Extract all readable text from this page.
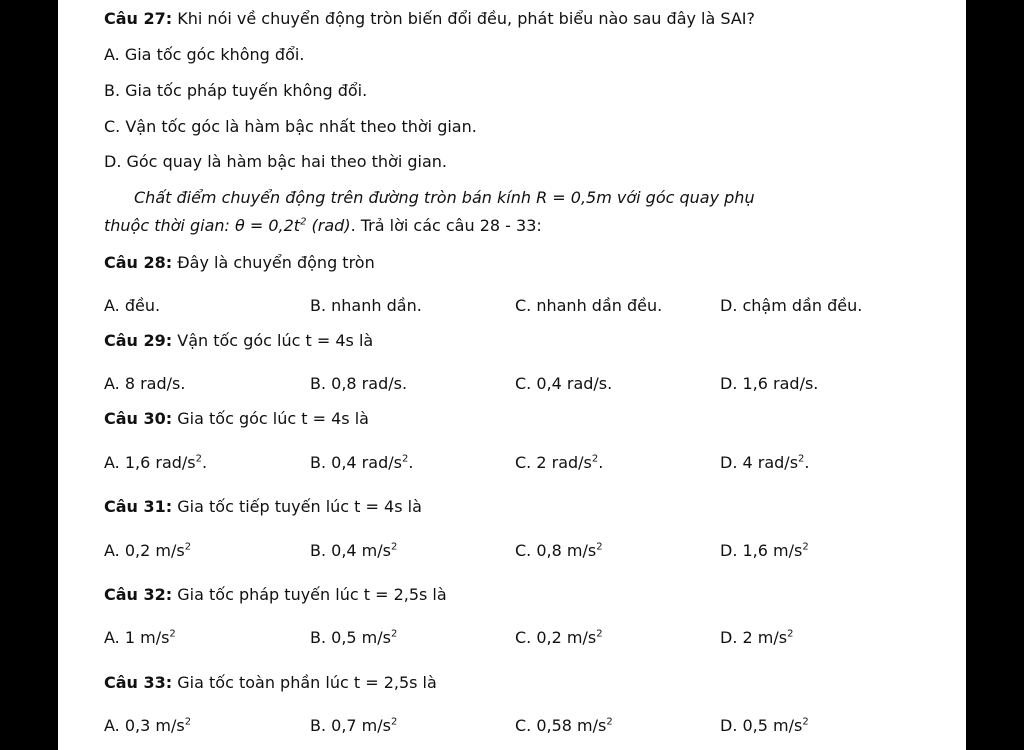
Câu 27: Khi nói về chuyển động tròn biến đổi đều, phát biểu nào sau đây là SAI?
A. Gia tốc góc không đổi.
B. Gia tốc pháp tuyến không đổi.
C. Vận tốc góc là hàm bậc nhất theo thời gian.
D. Góc quay là hàm bậc hai theo thời gian.
Chất điểm chuyển động trên đường tròn bán kính R = 0,5m với góc quay phụ
thuộc thời gian: $\theta = 0,2t^2$ (rad). Trả lời các câu 28 - 33:
Câu 28: Đây là chuyển động tròn
A. đều.	B. nhanh dần.	C. nhanh dần đều.	D. chậm dần đều.
Câu 29: Vận tốc góc lúc t = 4s là
A. 8 rad/s.	B. 0,8 rad/s.	C. 0,4 rad/s.	D. 1,6 rad/s.
Câu 30: Gia tốc góc lúc t = 4s là
A. 1,6 rad/$s^2$.	B. 0,4 rad/$s^2$.	C. 2 rad/$s^2$.	D. 4 rad/$s^2$.
Câu 31: Gia tốc tiếp tuyến lúc t = 4s là
A. 0,2 $m/s^2$	B. 0,4 $m/s^2$	C. 0,8 $m/s^2$	D. 1,6 $m/s^2$
Câu 32: Gia tốc pháp tuyến lúc t = 2,5s là
A. 1 $m/s^2$	B. 0,5 $m/s^2$	C. 0,2 $m/s^2$	D. 2 $m/s^2$
Câu 33: Gia tốc toàn phần lúc t = 2,5s là
A. 0,3 $m/s^2$	B. 0,7 $m/s^2$	C. 0,58 $m/s^2$	D. 0,5 $m/s^2$
